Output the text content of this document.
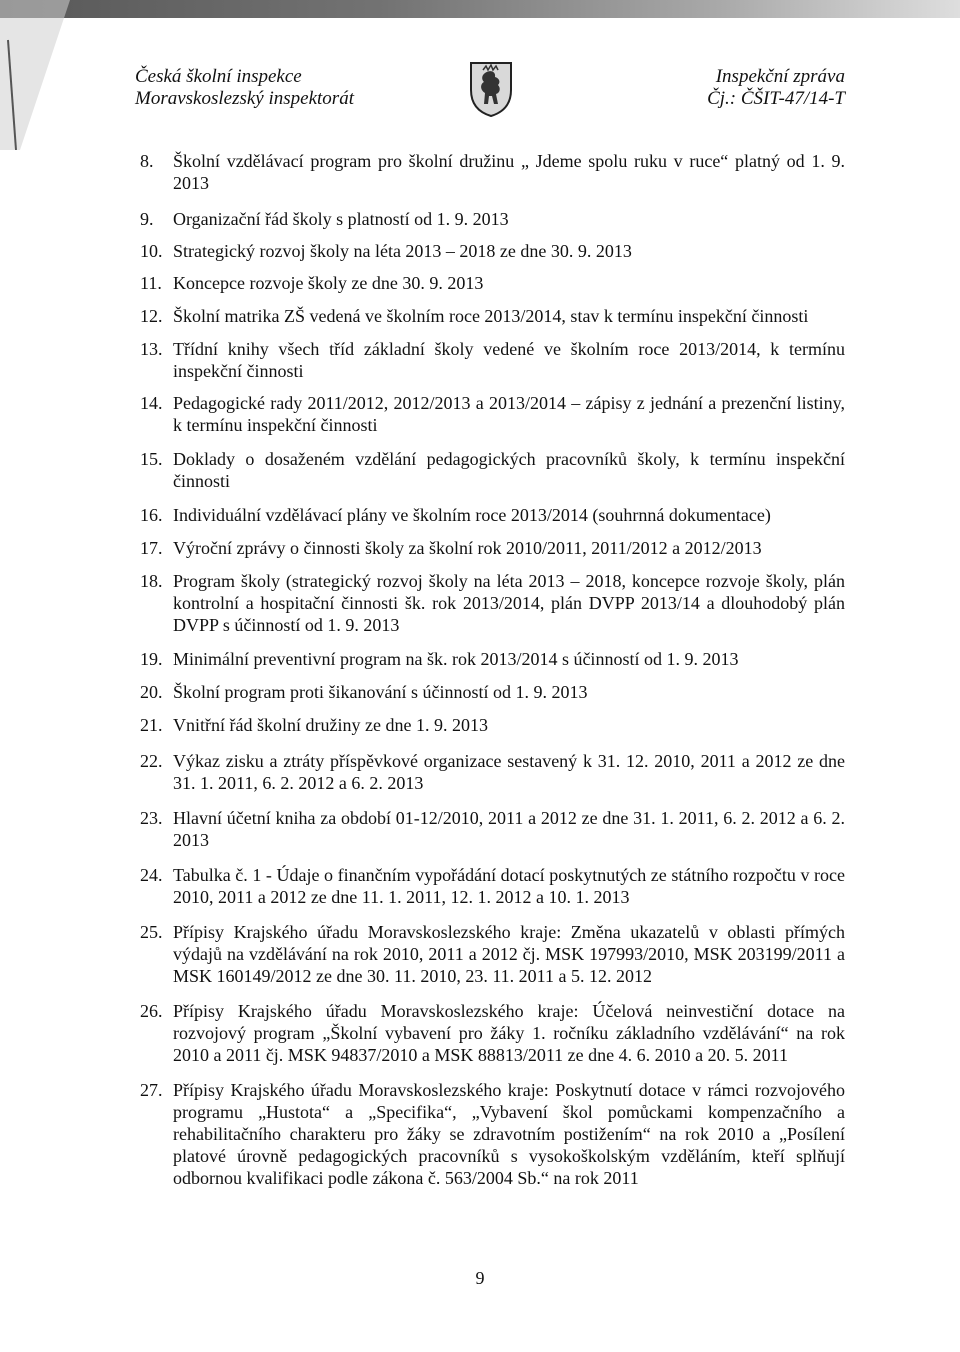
Česká školní inspekce
Moravskoslezský inspektorát
Inspekční zpráva
Čj.: ČŠIT-47/14-T
8.	Školní vzdělávací program pro školní družinu „ Jdeme spolu ruku v ruce“ platný od 1. 9. 2013
9.	Organizační řád školy s platností od 1. 9. 2013
10. Strategický rozvoj školy na léta 2013 – 2018 ze dne 30. 9. 2013
11. Koncepce rozvoje školy ze dne 30. 9. 2013
12. Školní matrika ZŠ vedená ve školním roce 2013/2014, stav k termínu inspekční činnosti
13. Třídní knihy všech tříd základní školy vedené ve školním roce 2013/2014, k termínu inspekční činnosti
14. Pedagogické rady 2011/2012, 2012/2013 a 2013/2014 – zápisy z jednání a prezenční listiny, k termínu inspekční činnosti
15. Doklady o dosaženém vzdělání pedagogických pracovníků školy, k termínu inspekční činnosti
16. Individuální vzdělávací plány ve školním roce 2013/2014 (souhrnná dokumentace)
17. Výroční zprávy o činnosti školy za školní rok 2010/2011, 2011/2012 a 2012/2013
18. Program školy (strategický rozvoj školy na léta 2013 – 2018, koncepce rozvoje školy, plán kontrolní a hospitační činnosti šk. rok 2013/2014, plán DVPP 2013/14 a dlouhodobý plán DVPP s účinností od 1. 9. 2013
19. Minimální preventivní program na šk. rok 2013/2014 s účinností od 1. 9. 2013
20. Školní program proti šikanování s účinností od 1. 9. 2013
21. Vnitřní řád školní družiny ze dne 1. 9. 2013
22. Výkaz zisku a ztráty příspěvkové organizace sestavený k 31. 12. 2010, 2011 a 2012 ze dne 31. 1. 2011, 6. 2. 2012 a 6. 2. 2013
23. Hlavní účetní kniha za období 01-12/2010, 2011 a 2012 ze dne 31. 1. 2011, 6. 2. 2012 a 6. 2. 2013
24. Tabulka č. 1 - Údaje o finančním vypořádání dotací poskytnutých ze státního rozpočtu v roce 2010, 2011 a 2012 ze dne 11. 1. 2011, 12. 1. 2012 a 10. 1. 2013
25. Přípisy Krajského úřadu Moravskoslezského kraje: Změna ukazatelů v oblasti přímých výdajů na vzdělávání na rok 2010, 2011 a 2012 čj. MSK 197993/2010, MSK 203199/2011 a MSK 160149/2012 ze dne 30. 11. 2010, 23. 11. 2011 a 5. 12. 2012
26. Přípisy Krajského úřadu Moravskoslezského kraje: Účelová neinvestiční dotace na rozvojový program „Školní vybavení pro žáky 1. ročníku základního vzdělávání“ na rok 2010 a 2011 čj. MSK 94837/2010 a MSK 88813/2011 ze dne 4. 6. 2010 a 20. 5. 2011
27. Přípisy Krajského úřadu Moravskoslezského kraje: Poskytnutí dotace v rámci rozvojového programu „Hustota“ a „Specifika“, „Vybavení škol pomůckami kompenzačního a rehabilitačního charakteru pro žáky se zdravotním postižením“ na rok 2010 a „Posílení platové úrovně pedagogických pracovníků s vysokoškolským vzděláním, kteří splňují odbornou kvalifikaci podle zákona č. 563/2004 Sb.“ na rok 2011
9
